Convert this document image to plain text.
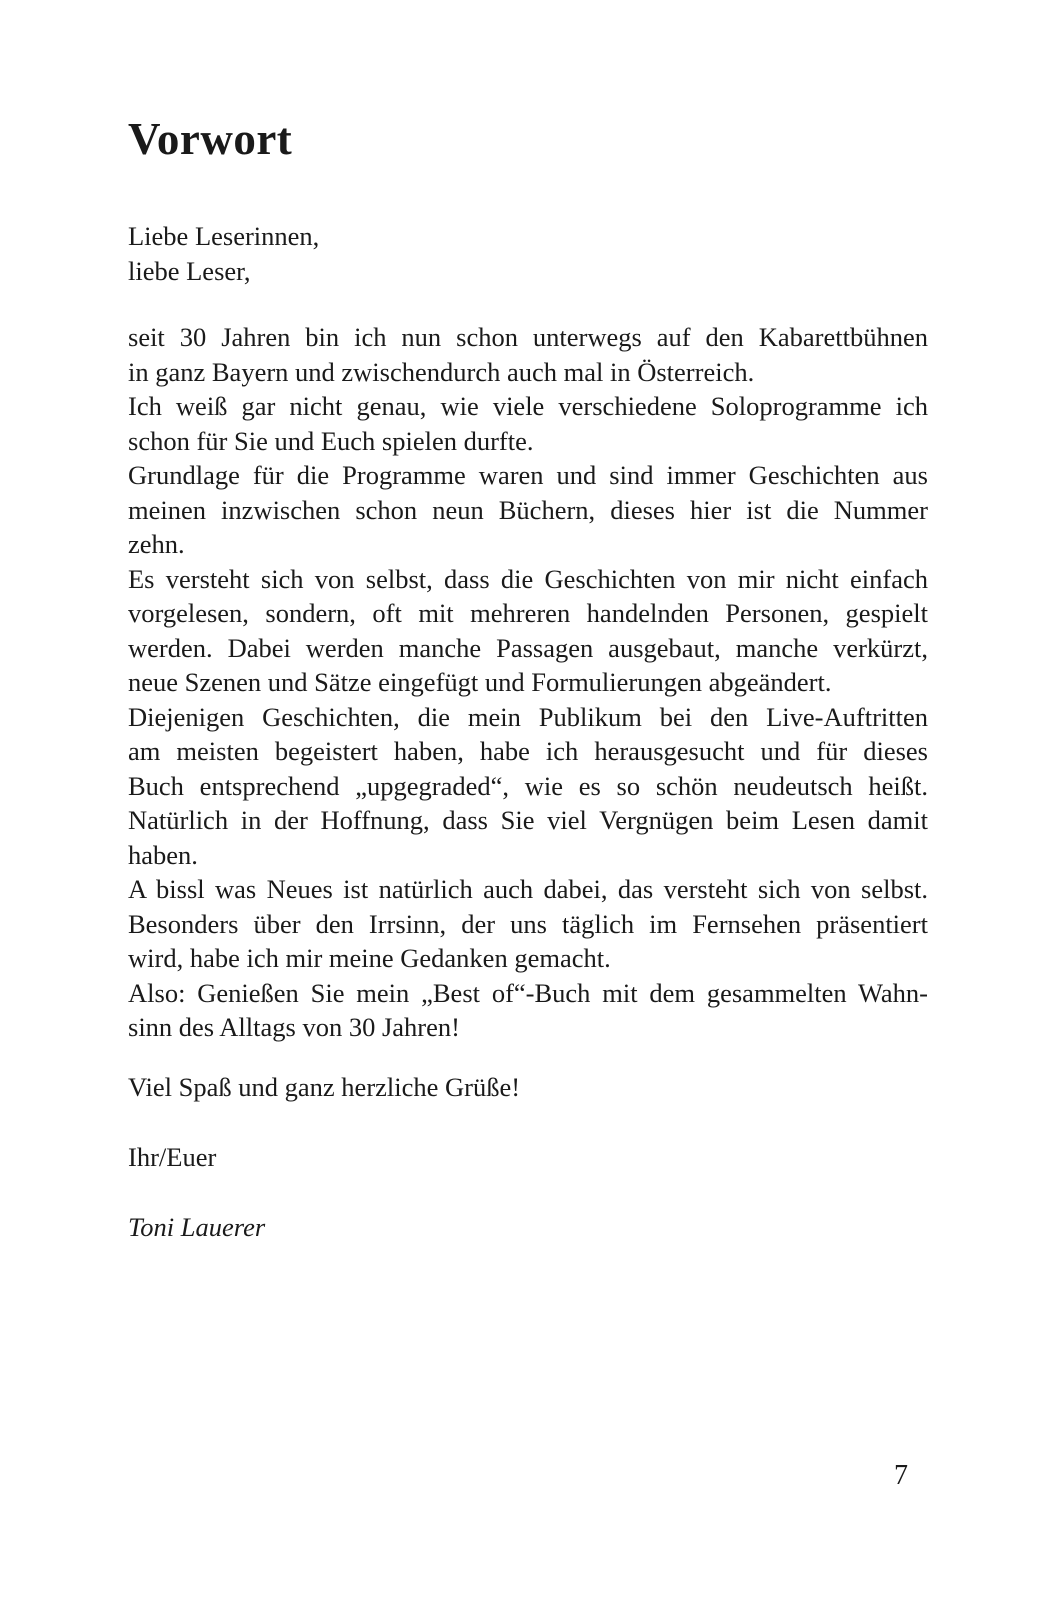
Vorwort
Liebe Leserinnen,
liebe Leser,
seit 30 Jahren bin ich nun schon unterwegs auf den Kabarettbühnen
in ganz Bayern und zwischendurch auch mal in Österreich.
Ich weiß gar nicht genau, wie viele verschiedene Soloprogramme ich
schon für Sie und Euch spielen durfte.
Grundlage für die Programme waren und sind immer Geschichten aus
meinen inzwischen schon neun Büchern, dieses hier ist die Nummer
zehn.
Es versteht sich von selbst, dass die Geschichten von mir nicht einfach
vorgelesen, sondern, oft mit mehreren handelnden Personen, gespielt
werden. Dabei werden manche Passagen ausgebaut, manche verkürzt,
neue Szenen und Sätze eingefügt und Formulierungen abgeändert.
Diejenigen Geschichten, die mein Publikum bei den Live-Auftritten
am meisten begeistert haben, habe ich herausgesucht und für dieses
Buch entsprechend „upgegraded“, wie es so schön neudeutsch heißt.
Natürlich in der Hoffnung, dass Sie viel Vergnügen beim Lesen damit
haben.
A bissl was Neues ist natürlich auch dabei, das versteht sich von selbst.
Besonders über den Irrsinn, der uns täglich im Fernsehen präsentiert
wird, habe ich mir meine Gedanken gemacht.
Also: Genießen Sie mein „Best of“-Buch mit dem gesammelten Wahn-
sinn des Alltags von 30 Jahren!
Viel Spaß und ganz herzliche Grüße!
Ihr/Euer
Toni Lauerer
7
